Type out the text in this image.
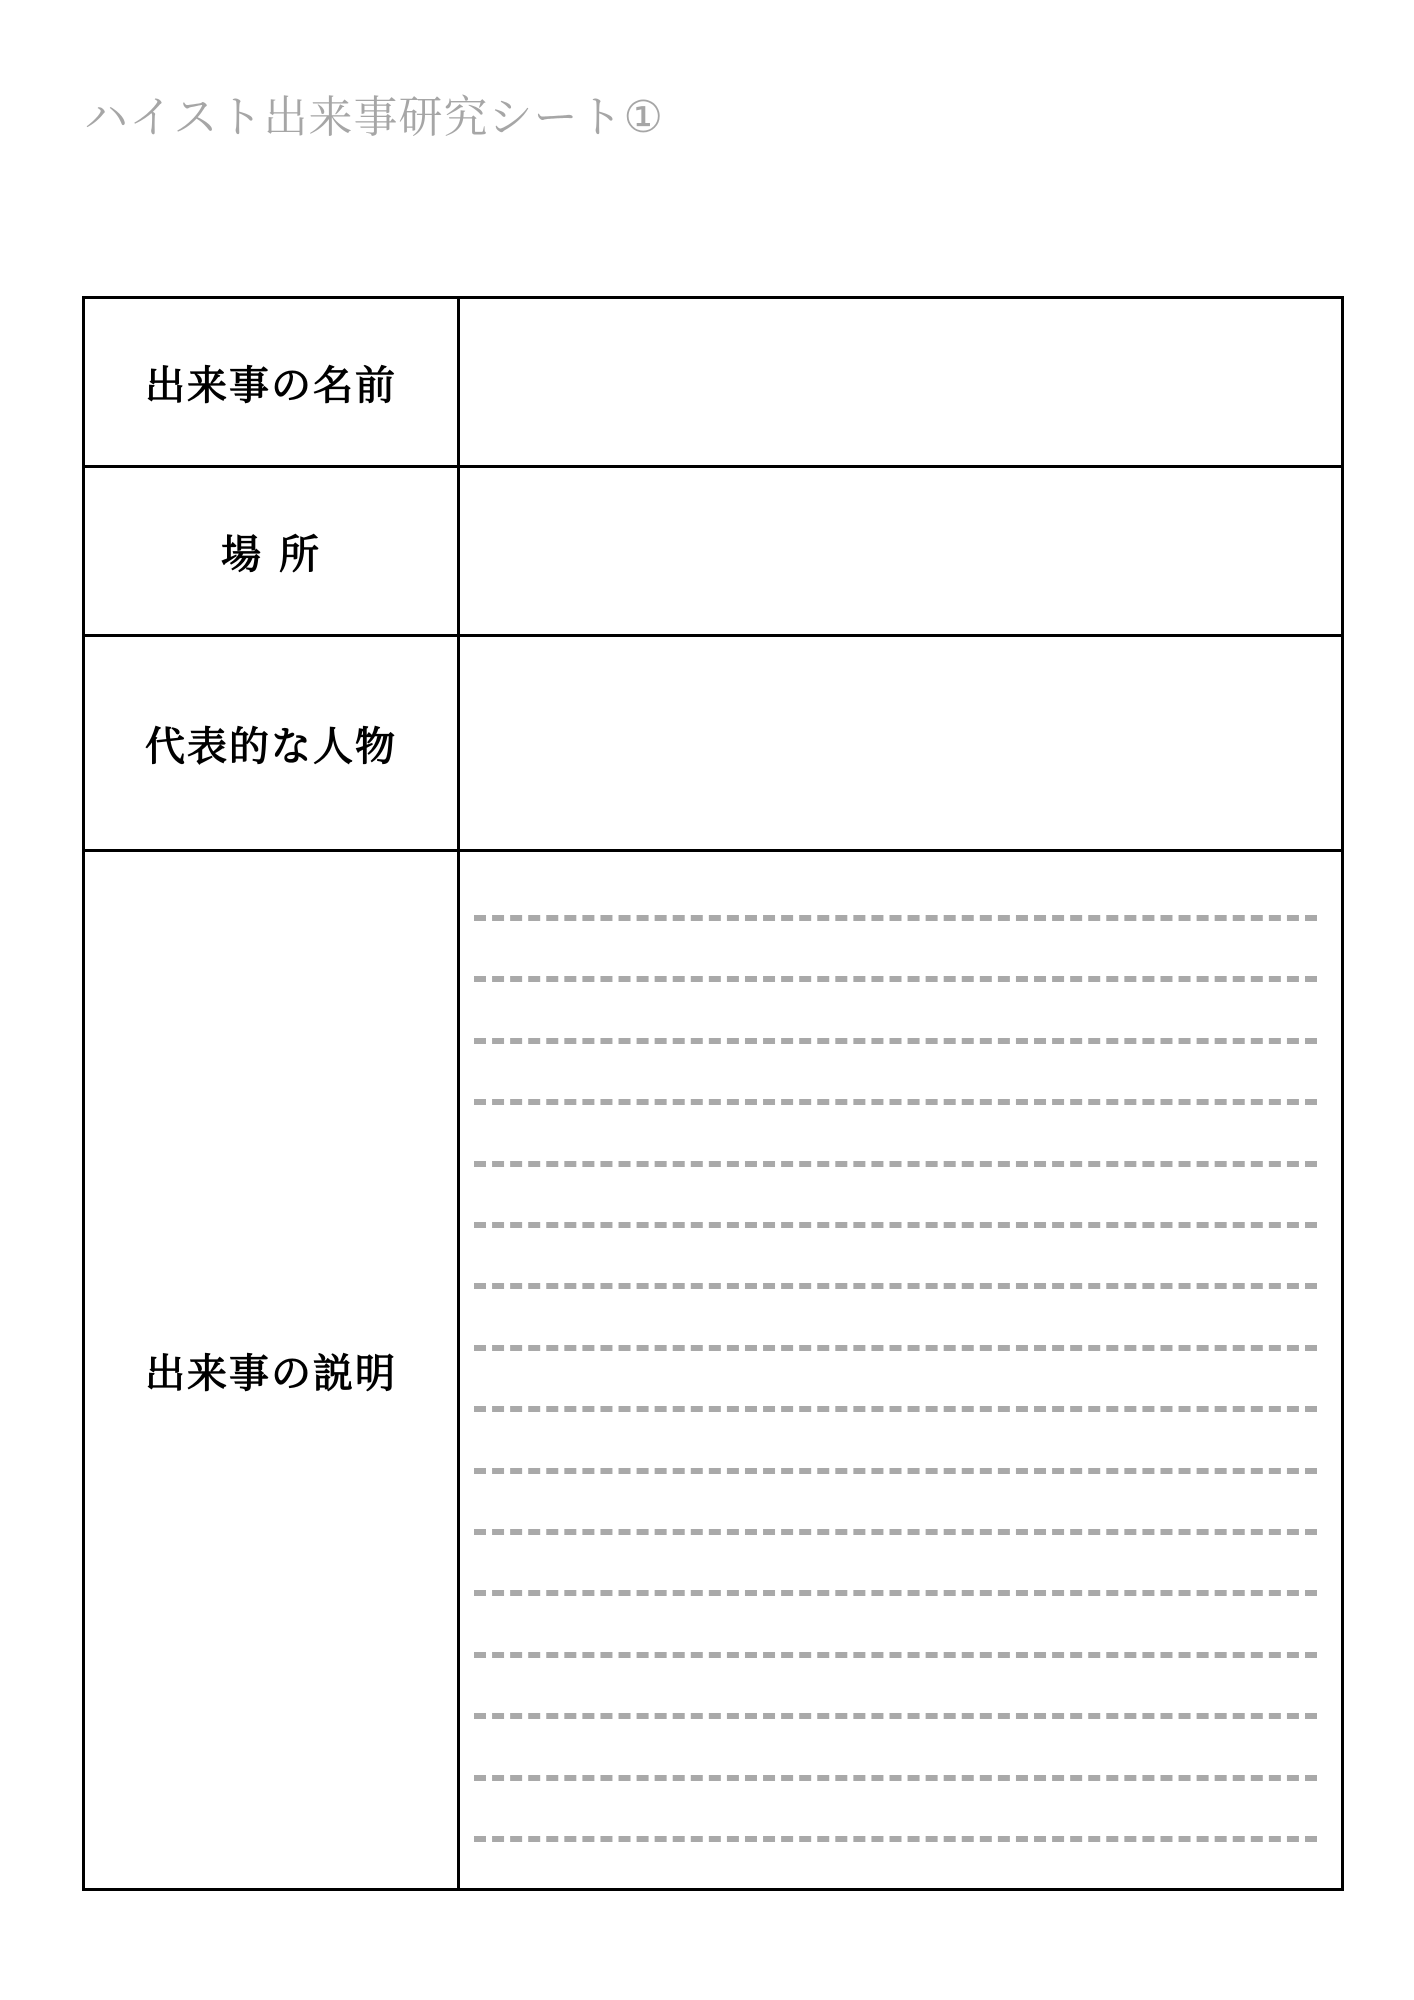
ハイスト出来事研究シート①
出来事の名前	
場 所	
代表的な人物	
出来事の説明	
